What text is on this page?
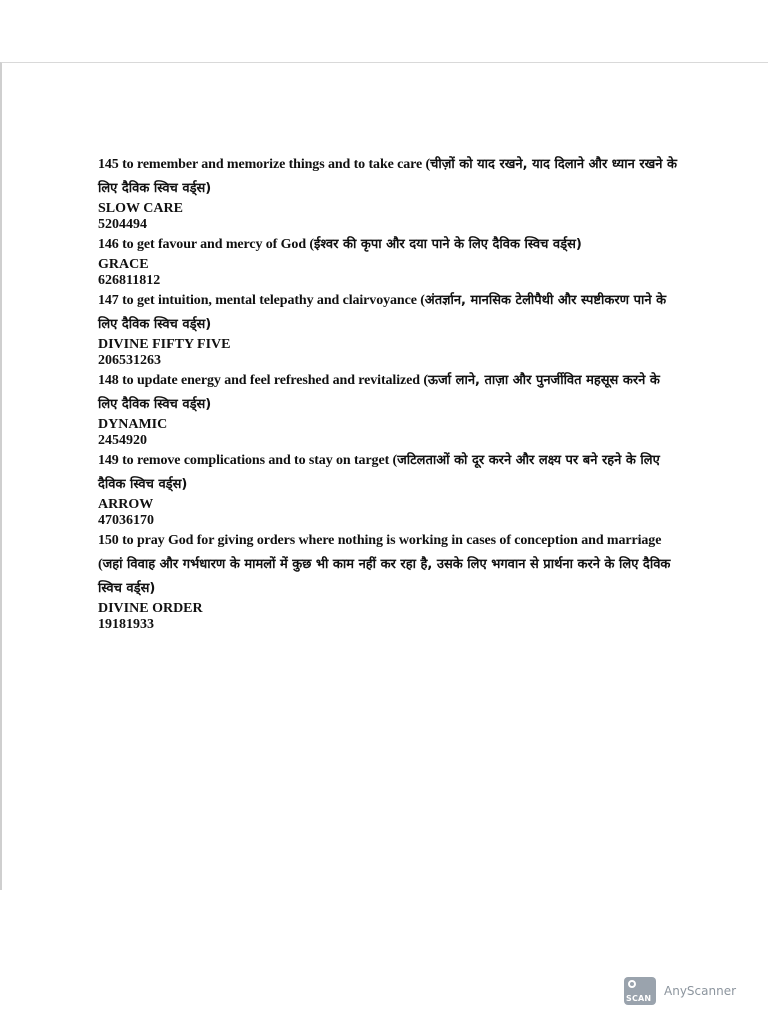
145 to remember and memorize things and to take care (चीज़ों को याद रखने, याद दिलाने और ध्यान रखने के लिए दैविक स्विच वर्ड्स)

SLOW CARE

5204494

146 to get favour and mercy of God (ईश्वर की कृपा और दया पाने के लिए दैविक स्विच वर्ड्स)

GRACE

626811812

147 to get intuition, mental telepathy and clairvoyance (अंतर्ज्ञान, मानसिक टेलीपैथी और स्पष्टीकरण पाने के लिए दैविक स्विच वर्ड्स)

DIVINE FIFTY FIVE

206531263

148 to update energy and feel refreshed and revitalized (ऊर्जा लाने, ताज़ा और पुनर्जीवित महसूस करने के लिए दैविक स्विच वर्ड्स)

DYNAMIC

2454920

149 to remove complications and to stay on target (जटिलताओं को दूर करने और लक्ष्य पर बने रहने के लिए दैविक स्विच वर्ड्स)

ARROW

47036170

150 to pray God for giving orders where nothing is working in cases of conception and marriage (जहां विवाह और गर्भधारण के मामलों में कुछ भी काम नहीं कर रहा है, उसके लिए भगवान से प्रार्थना करने के लिए दैविक स्विच वर्ड्स)

DIVINE ORDER

19181933

SCAN
AnyScanner
